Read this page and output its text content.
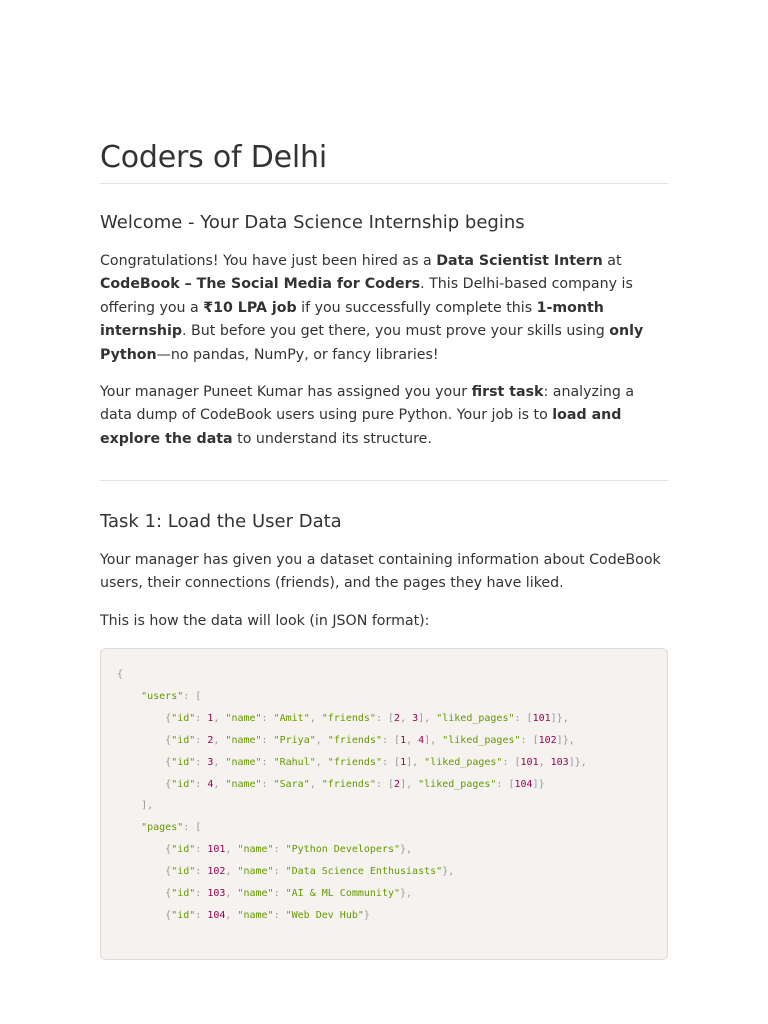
Coders of Delhi
Welcome - Your Data Science Internship begins

Congratulations! You have just been hired as a Data Scientist Intern at CodeBook – The Social Media for Coders. This Delhi-based company is offering you a ₹10 LPA job if you successfully complete this 1-month internship. But before you get there, you must prove your skills using only Python—no pandas, NumPy, or fancy libraries!

Your manager Puneet Kumar has assigned you your first task: analyzing a data dump of CodeBook users using pure Python. Your job is to load and explore the data to understand its structure.

Task 1: Load the User Data

Your manager has given you a dataset containing information about CodeBook users, their connections (friends), and the pages they have liked.

This is how the data will look (in JSON format):

{
"users": [
{"id": 1, "name": "Amit", "friends": [2, 3], "liked_pages": [101]},
{"id": 2, "name": "Priya", "friends": [1, 4], "liked_pages": [102]},
{"id": 3, "name": "Rahul", "friends": [1], "liked_pages": [101, 103]},
{"id": 4, "name": "Sara", "friends": [2], "liked_pages": [104]}
],
"pages": [
{"id": 101, "name": "Python Developers"},
{"id": 102, "name": "Data Science Enthusiasts"},
{"id": 103, "name": "AI & ML Community"},
{"id": 104, "name": "Web Dev Hub"}
